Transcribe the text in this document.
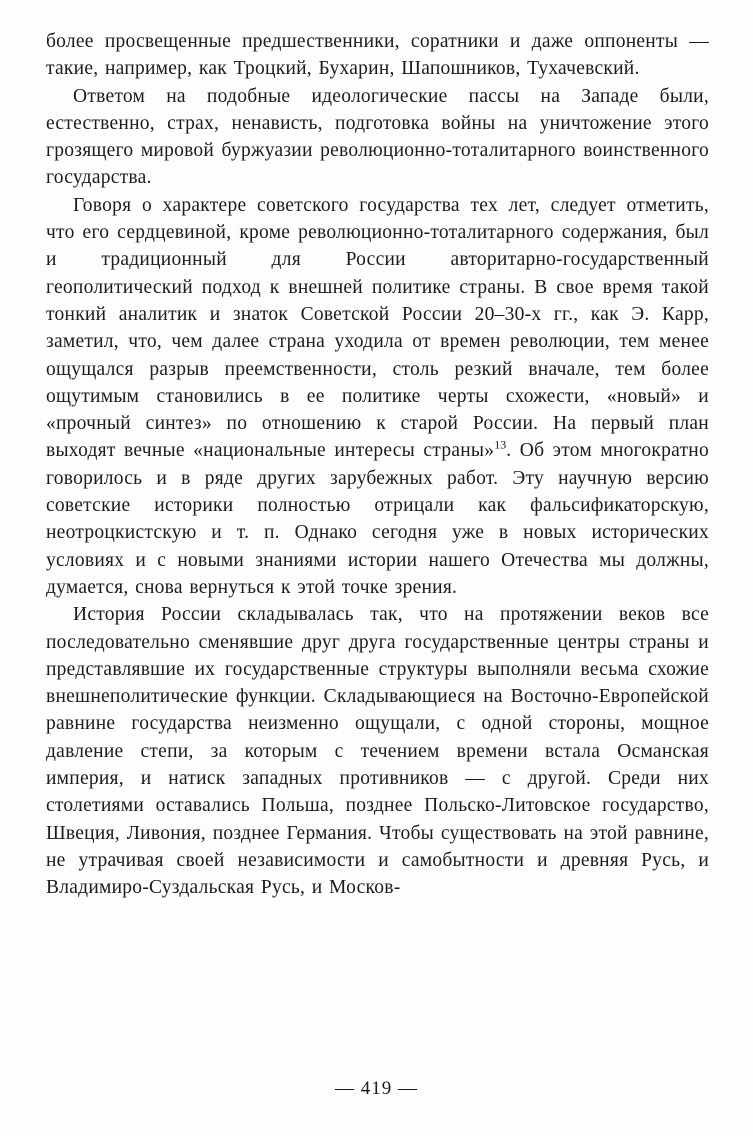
более просвещенные предшественники, соратники и даже оппоненты — такие, например, как Троцкий, Бухарин, Шапошников, Тухачевский.

Ответом на подобные идеологические пассы на Западе были, естественно, страх, ненависть, подготовка войны на уничтожение этого грозящего мировой буржуазии революционно-тоталитарного воинственного государства.

Говоря о характере советского государства тех лет, следует отметить, что его сердцевиной, кроме революционно-тоталитарного содержания, был и традиционный для России авторитарно-государственный геополитический подход к внешней политике страны. В свое время такой тонкий аналитик и знаток Советской России 20–30-х гг., как Э. Карр, заметил, что, чем далее страна уходила от времен революции, тем менее ощущался разрыв преемственности, столь резкий вначале, тем более ощутимым становились в ее политике черты схожести, «новый» и «прочный синтез» по отношению к старой России. На первый план выходят вечные «национальные интересы страны»$^{13}$. Об этом многократно говорилось и в ряде других зарубежных работ. Эту научную версию советские историки полностью отрицали как фальсификаторскую, неотроцкистскую и т. п. Однако сегодня уже в новых исторических условиях и с новыми знаниями истории нашего Отечества мы должны, думается, снова вернуться к этой точке зрения.

История России складывалась так, что на протяжении веков все последовательно сменявшие друг друга государственные центры страны и представлявшие их государственные структуры выполняли весьма схожие внешнеполитические функции. Складывающиеся на Восточно-Европейской равнине государства неизменно ощущали, с одной стороны, мощное давление степи, за которым с течением времени встала Османская империя, и натиск западных противников — с другой. Среди них столетиями оставались Польша, позднее Польско-Литовское государство, Швеция, Ливония, позднее Германия. Чтобы существовать на этой равнине, не утрачивая своей независимости и самобытности и древняя Русь, и Владимиро-Суздальская Русь, и Москов-

— 419 —
